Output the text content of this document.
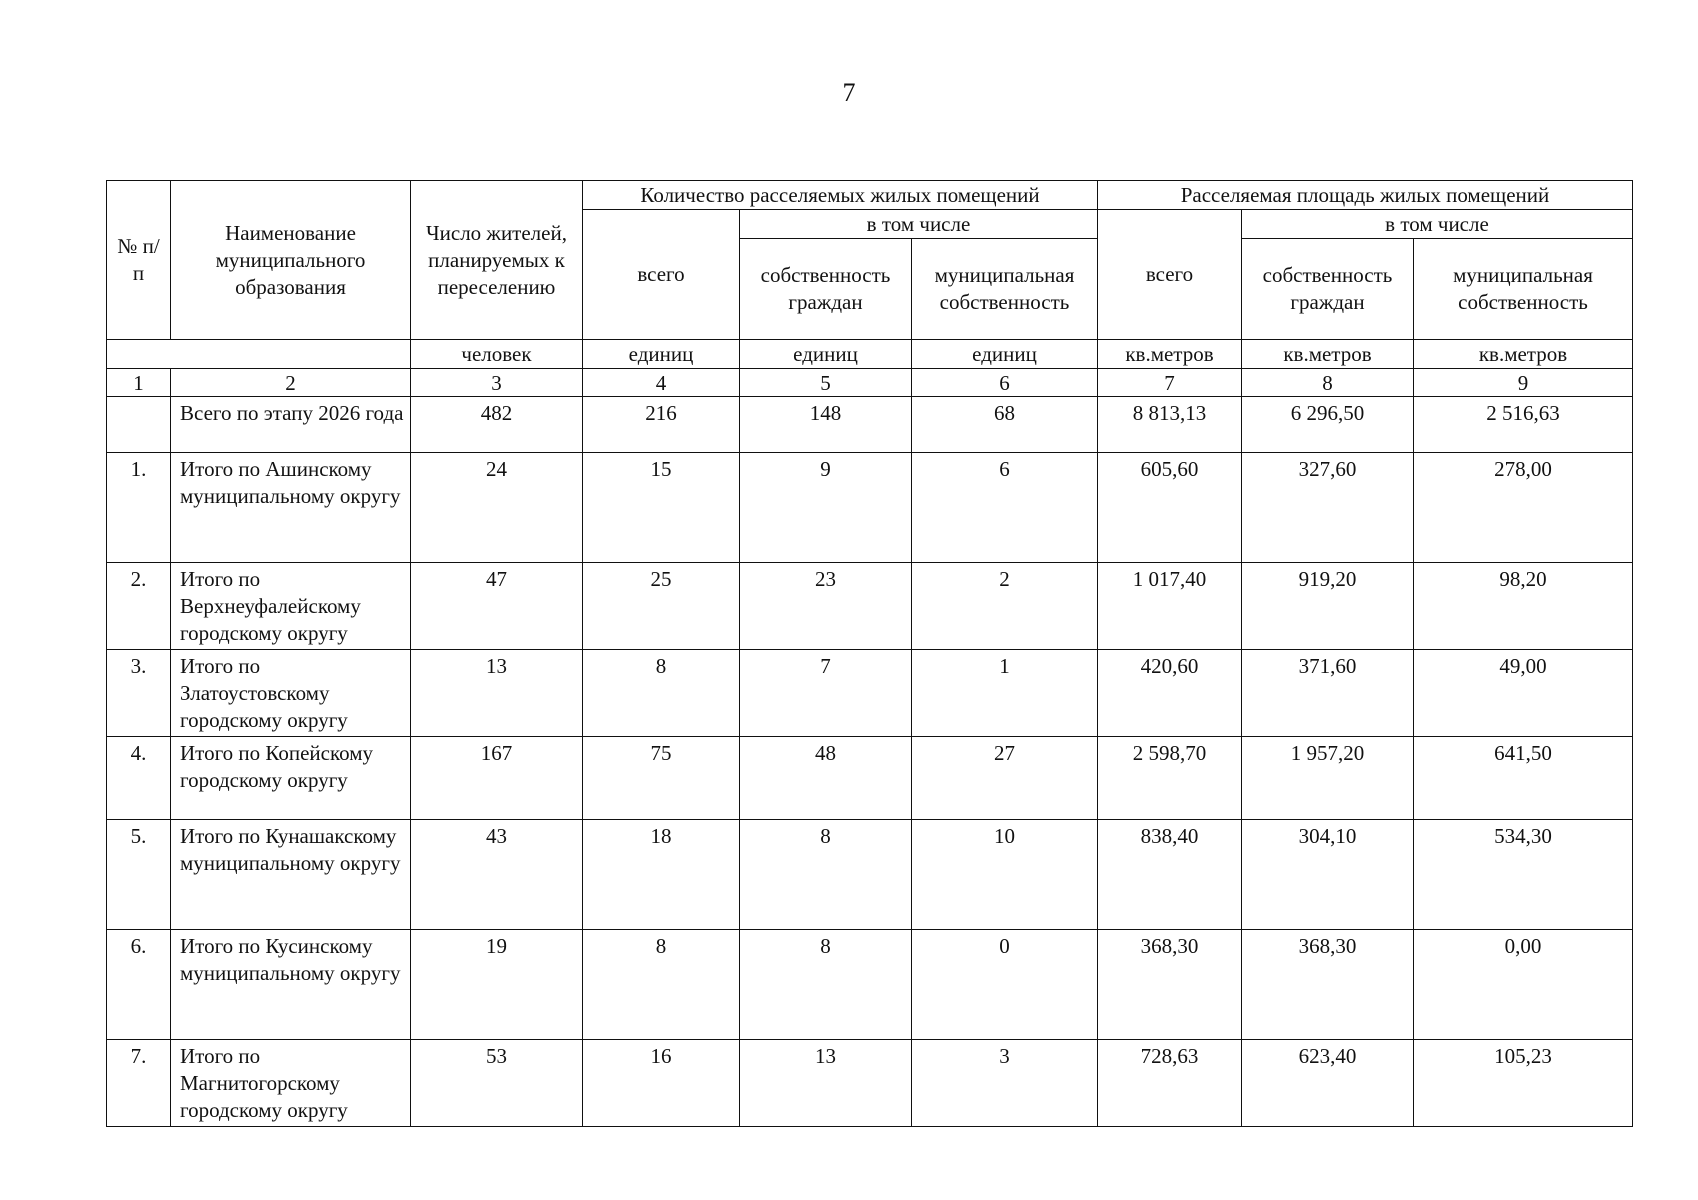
7
№ п/п	Наименование муниципального образования	Число жителей, планируемых к переселению	Количество расселяемых жилых помещений			Расселяемая площадь жилых помещений		
			всего	в том числе		всего	в том числе	
				собственность граждан	муниципальная собственность		собственность граждан	муниципальная собственность
		человек	единиц	единиц	единиц	кв.метров	кв.метров	кв.метров
1	2	3	4	5	6	7	8	9
	Всего по этапу 2026 года	482	216	148	68	8 813,13	6 296,50	2 516,63
1.	Итого по Ашинскому муниципальному округу	24	15	9	6	605,60	327,60	278,00
2.	Итого по Верхнеуфалейскому городскому округу	47	25	23	2	1 017,40	919,20	98,20
3.	Итого по Златоустовскому городскому округу	13	8	7	1	420,60	371,60	49,00
4.	Итого по Копейскому городскому округу	167	75	48	27	2 598,70	1 957,20	641,50
5.	Итого по Кунашакскому муниципальному округу	43	18	8	10	838,40	304,10	534,30
6.	Итого по Кусинскому муниципальному округу	19	8	8	0	368,30	368,30	0,00
7.	Итого по Магнитогорскому городскому округу	53	16	13	3	728,63	623,40	105,23
